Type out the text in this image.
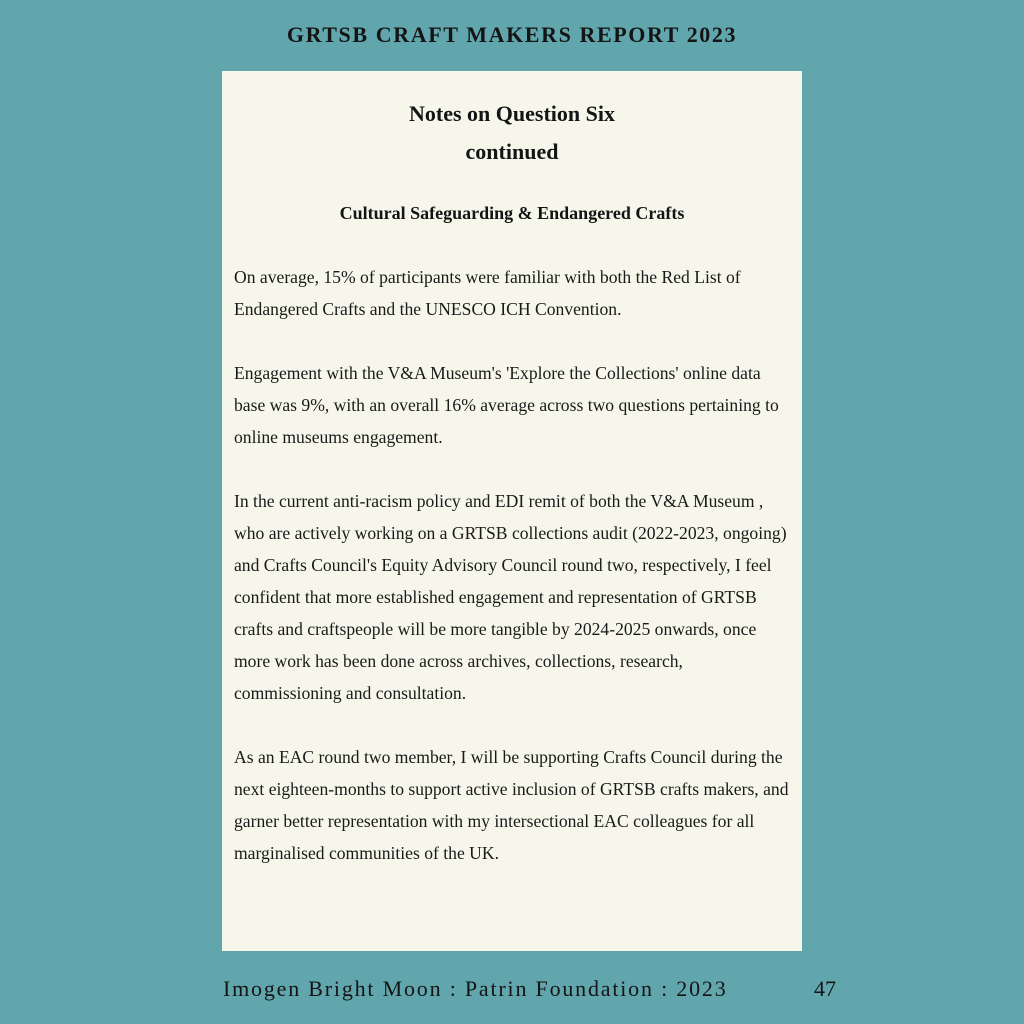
GRTSB CRAFT MAKERS REPORT 2023
Notes on Question Six
continued
Cultural Safeguarding & Endangered Crafts

On average, 15% of participants were familiar with both the Red List of Endangered Crafts and the UNESCO ICH Convention.

Engagement with the V&A Museum's 'Explore the Collections' online data base was 9%, with an overall 16% average across two questions pertaining to online museums engagement.

In the current anti-racism policy and EDI remit of both the V&A Museum , who are actively working on a GRTSB collections audit (2022-2023, ongoing) and Crafts Council's Equity Advisory Council round two, respectively, I feel confident that more established engagement and representation of GRTSB crafts and craftspeople will be more tangible by 2024-2025 onwards, once more work has been done across archives, collections, research, commissioning and consultation.

As an EAC round two member, I will be supporting Crafts Council during the next eighteen-months to support active inclusion of GRTSB crafts makers, and garner better representation with my intersectional EAC colleagues for all marginalised communities of the UK.

Imogen Bright Moon : Patrin Foundation : 2023	47
